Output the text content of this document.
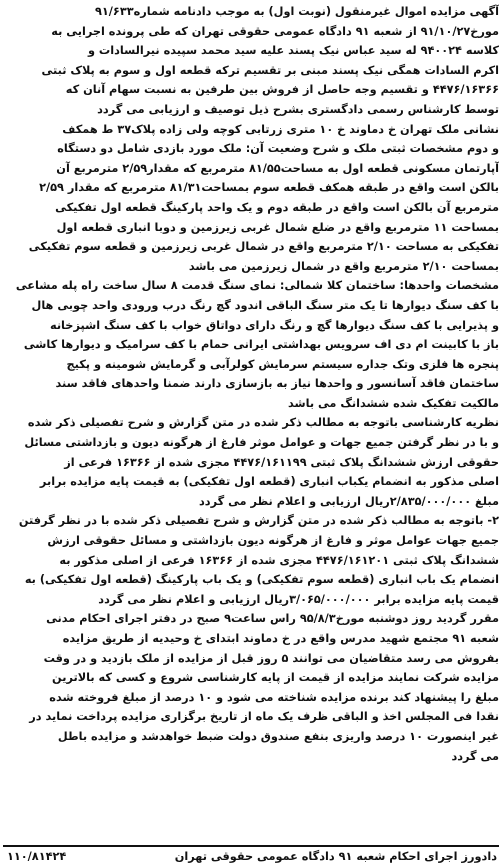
آگهی مزایده اموال غیرمنقول (نوبت اول) به موجب دادنامه شماره۹۱/۶۳۳
مورخ۹۱/۱۰/۲۷ از شعبه ۹۱ دادگاه عمومی حقوقی تهران که طی پرونده اجرایی به
کلاسه ۹۴۰۰۲۴ له سید عباس نیک پسند علیه سید محمد سپیده نیرالسادات و
اکرم السادات همگی نیک پسند مبنی بر تقسیم ترکه قطعه اول و سوم به پلاک ثبتی
۴۴۷۶/۱۶۳۶۶ و تقسیم وجه حاصل از فروش بین طرفین به نسبت سهام آنان که
توسط کارشناس رسمی دادگستری بشرح ذیل توصیف و ارزیابی می گردد
نشانی ملک تهران خ دماوند خ ۱۰ متری زرتابی کوچه ولی زاده پلاک۳۷ ط همکف
و دوم مشخصات ثبتی ملک و شرح وضعیت آن: ملک مورد بازدی شامل دو دستگاه
آپارتمان مسکونی قطعه اول به مساحت۸۱/۵۵ مترمربع که مقدار۲/۵۹ مترمربع آن
بالکن است واقع در طبقه همکف قطعه سوم بمساحت۸۱/۳۱ مترمربع که مقدار ۲/۵۹
مترمربع آن بالکن است واقع در طبقه دوم و یک واحد پارکینگ قطعه اول تفکیکی
بمساحت ۱۱ مترمربع واقع در ضلع شمال غربی زیرزمین و دوبا انباری قطعه اول
تفکیکی به مساحت ۲/۱۰ مترمربع واقع در شمال غربی زیرزمین و قطعه سوم تفکیکی
بمساحت ۲/۱۰ مترمربع واقع در شمال زیرزمین می باشد
مشخصات واحدها: ساختمان کلا شمالی: نمای سنگ قدمت ۸ سال ساخت راه پله مشاعی
با کف سنگ دیوارها تا یک متر سنگ الباقی اندود گچ رنگ درب ورودی واحد چوبی هال
و پذیرایی با کف سنگ دیوارها گچ و رنگ دارای دواتاق خواب با کف سنگ اشپزخانه
باز با کابینت ام دی اف سرویس بهداشتی ایرانی حمام با کف سرامیک و دیوارها کاشی
پنجره ها فلزی وتک جداره سیستم سرمایش کولرآبی و گرمایش شومینه و پکیج
ساختمان فاقد آسانسور و واحدها نیاز به بازسازی دارند ضمنا واحدهای فاقد سند
مالکیت تفکیک شده ششدانگ می باشد
نظریه کارشناسی باتوجه به مطالب ذکر شده در متن گزارش و شرح تفصیلی ذکر شده
و با در نظر گرفتن جمیع جهات و عوامل موثر فارغ از هرگونه دیون و بازداشتی مسائل
حقوقی ارزش ششدانگ پلاک ثبتی ۴۴۷۶/۱۶۱۱۹۹ مجزی شده از ۱۶۳۶۶ فرعی از
اصلی مذکور به انضمام یکباب انباری (قطعه اول تفکیکی) به قیمت پایه مزایده برابر
مبلغ ۲/۸۳۵/۰۰۰/۰۰۰ریال ارزیابی و اعلام نظر می گردد
۲- باتوجه به مطالب ذکر شده در متن گزارش و شرح تفصیلی ذکر شده با در نظر گرفتن
جمیع جهات عوامل موثر و فارغ از هرگونه دیون بازداشتی و مسائل حقوقی ارزش
ششدانگ پلاک ثبتی ۴۴۷۶/۱۶۱۲۰۱ مجزی شده از ۱۶۳۶۶ فرعی از اصلی مذکور به
انضمام یک باب انباری (قطعه سوم تفکیکی) و یک باب پارکینگ (قطعه اول تفکیکی) به
قیمت پایه مزایده برابر ۳/۰۶۵/۰۰۰/۰۰۰ریال ارزیابی و اعلام نظر می گردد
مقرر گردید روز دوشنبه مورخ۹۵/۸/۳ راس ساعت۹ صبح در دفتر اجرای احکام مدنی
شعبه ۹۱ مجتمع شهید مدرس واقع در خ دماوند ابتدای خ وحیدیه از طریق مزایده
بفروش می رسد متقاضیان می توانند ۵ روز قبل از مزایده از ملک بازدید و در وقت
مزایده شرکت نمایند مزایده از قیمت از پایه کارشناسی شروع و کسی که بالاترین
مبلغ را پیشنهاد کند برنده مزایده شناخته می شود و ۱۰ درصد از مبلغ فروخته شده
نقدا فی المجلس اخذ و الباقی ظرف یک ماه از تاریخ برگزاری مزایده پرداخت نماید در
غیر اینصورت ۱۰ درصد واریزی بنفع صندوق دولت ضبط خواهدشد و مزایده باطل
می گردد
دادورز اجرای احکام شعبه ۹۱ دادگاه عمومی حقوقی تهران
۱۱۰/۸۱۴۲۴
